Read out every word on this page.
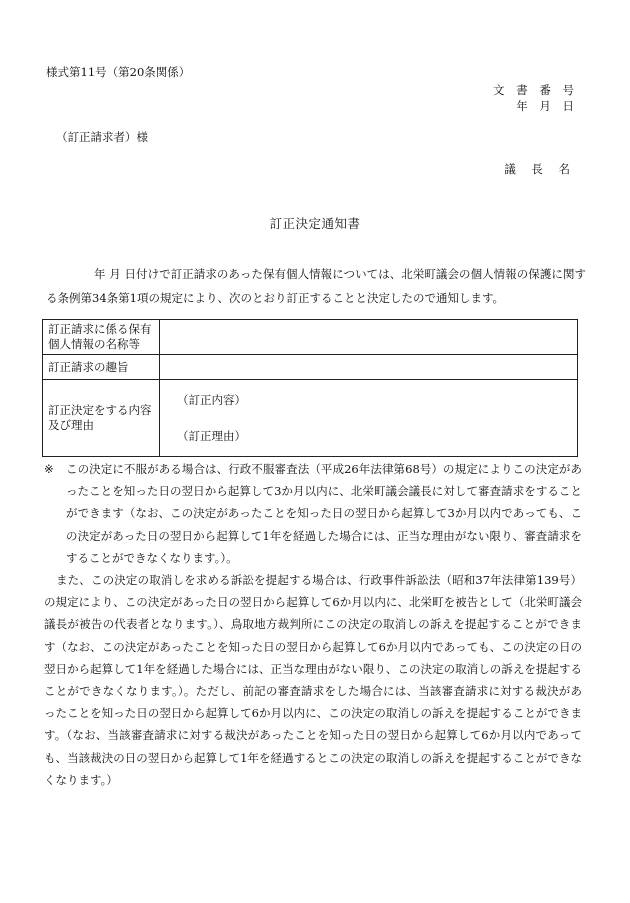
様式第11号（第20条関係）
文 書 番 号
年 月 日
（訂正請求者）様
議 長 名
訂正決定通知書
年 月 日付けで訂正請求のあった保有個人情報については、北栄町議会の個人情報の保護に関する条例第34条第1項の規定により、次のとおり訂正することと決定したので通知します。
訂正請求に係る保有個人情報の名称等	
訂正請求の趣旨	
訂正決定をする内容及び理由	（訂正内容）
（訂正理由）
※	この決定に不服がある場合は、行政不服審査法（平成26年法律第68号）の規定によりこの決定があったことを知った日の翌日から起算して3か月以内に、北栄町議会議長に対して審査請求をすることができます（なお、この決定があったことを知った日の翌日から起算して3か月以内であっても、この決定があった日の翌日から起算して1年を経過した場合には、正当な理由がない限り、審査請求をすることができなくなります。）。

また、この決定の取消しを求める訴訟を提起する場合は、行政事件訴訟法（昭和37年法律第139号）の規定により、この決定があった日の翌日から起算して6か月以内に、北栄町を被告として（北栄町議会議長が被告の代表者となります。）、鳥取地方裁判所にこの決定の取消しの訴えを提起することができます（なお、この決定があったことを知った日の翌日から起算して6か月以内であっても、この決定の日の翌日から起算して1年を経過した場合には、正当な理由がない限り、この決定の取消しの訴えを提起することができなくなります。）。ただし、前記の審査請求をした場合には、当該審査請求に対する裁決があったことを知った日の翌日から起算して6か月以内に、この決定の取消しの訴えを提起することができます。（なお、当該審査請求に対する裁決があったことを知った日の翌日から起算して6か月以内であっても、当該裁決の日の翌日から起算して1年を経過するとこの決定の取消しの訴えを提起することができなくなります。）
